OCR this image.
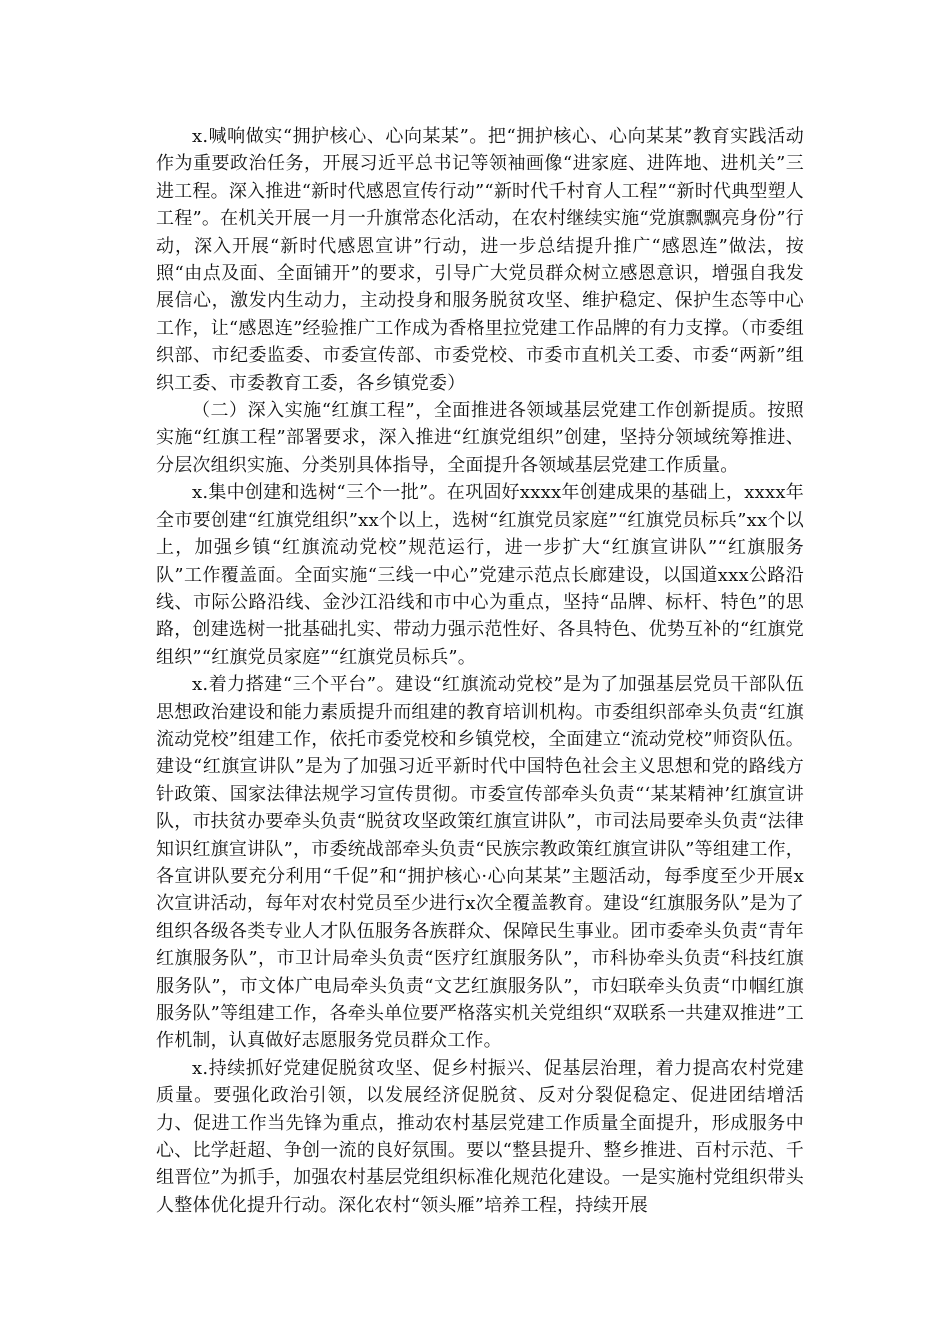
x.喊响做实“拥护核心、心向某某”。把“拥护核心、心向某某”教育实践活动作为重要政治任务，开展习近平总书记等领袖画像“进家庭、进阵地、进机关”三进工程。深入推进“新时代感恩宣传行动”“新时代千村育人工程”“新时代典型塑人工程”。在机关开展一月一升旗常态化活动，在农村继续实施“党旗飘飘亮身份”行动，深入开展“新时代感恩宣讲”行动，进一步总结提升推广“感恩连”做法，按照“由点及面、全面铺开”的要求，引导广大党员群众树立感恩意识，增强自我发展信心，激发内生动力，主动投身和服务脱贫攻坚、维护稳定、保护生态等中心工作，让“感恩连”经验推广工作成为香格里拉党建工作品牌的有力支撑。（市委组织部、市纪委监委、市委宣传部、市委党校、市委市直机关工委、市委“两新”组织工委、市委教育工委，各乡镇党委）

（二）深入实施“红旗工程”，全面推进各领域基层党建工作创新提质。按照实施“红旗工程”部署要求，深入推进“红旗党组织”创建，坚持分领域统筹推进、分层次组织实施、分类别具体指导，全面提升各领域基层党建工作质量。

x.集中创建和选树“三个一批”。在巩固好xxxx年创建成果的基础上，xxxx年全市要创建“红旗党组织”xx个以上，选树“红旗党员家庭”“红旗党员标兵”xx个以上，加强乡镇“红旗流动党校”规范运行，进一步扩大“红旗宣讲队”“红旗服务队”工作覆盖面。全面实施“三线一中心”党建示范点长廊建设，以国道xxx公路沿线、市际公路沿线、金沙江沿线和市中心为重点，坚持“品牌、标杆、特色”的思路，创建选树一批基础扎实、带动力强示范性好、各具特色、优势互补的“红旗党组织”“红旗党员家庭”“红旗党员标兵”。

x.着力搭建“三个平台”。建设“红旗流动党校”是为了加强基层党员干部队伍思想政治建设和能力素质提升而组建的教育培训机构。市委组织部牵头负责“红旗流动党校”组建工作，依托市委党校和乡镇党校，全面建立“流动党校”师资队伍。建设“红旗宣讲队”是为了加强习近平新时代中国特色社会主义思想和党的路线方针政策、国家法律法规学习宣传贯彻。市委宣传部牵头负责“‘某某精神’红旗宣讲队，市扶贫办要牵头负责“脱贫攻坚政策红旗宣讲队”，市司法局要牵头负责“法律知识红旗宣讲队”，市委统战部牵头负责“民族宗教政策红旗宣讲队”等组建工作，各宣讲队要充分利用“千促”和“拥护核心·心向某某”主题活动，每季度至少开展x次宣讲活动，每年对农村党员至少进行x次全覆盖教育。建设“红旗服务队”是为了组织各级各类专业人才队伍服务各族群众、保障民生事业。团市委牵头负责“青年红旗服务队”，市卫计局牵头负责“医疗红旗服务队”，市科协牵头负责“科技红旗服务队”，市文体广电局牵头负责“文艺红旗服务队”，市妇联牵头负责“巾帼红旗服务队”等组建工作，各牵头单位要严格落实机关党组织“双联系一共建双推进”工作机制，认真做好志愿服务党员群众工作。

x.持续抓好党建促脱贫攻坚、促乡村振兴、促基层治理，着力提高农村党建质量。要强化政治引领，以发展经济促脱贫、反对分裂促稳定、促进团结增活力、促进工作当先锋为重点，推动农村基层党建工作质量全面提升，形成服务中心、比学赶超、争创一流的良好氛围。要以“整县提升、整乡推进、百村示范、千组晋位”为抓手，加强农村基层党组织标准化规范化建设。一是实施村党组织带头人整体优化提升行动。深化农村“领头雁”培养工程，持续开展
